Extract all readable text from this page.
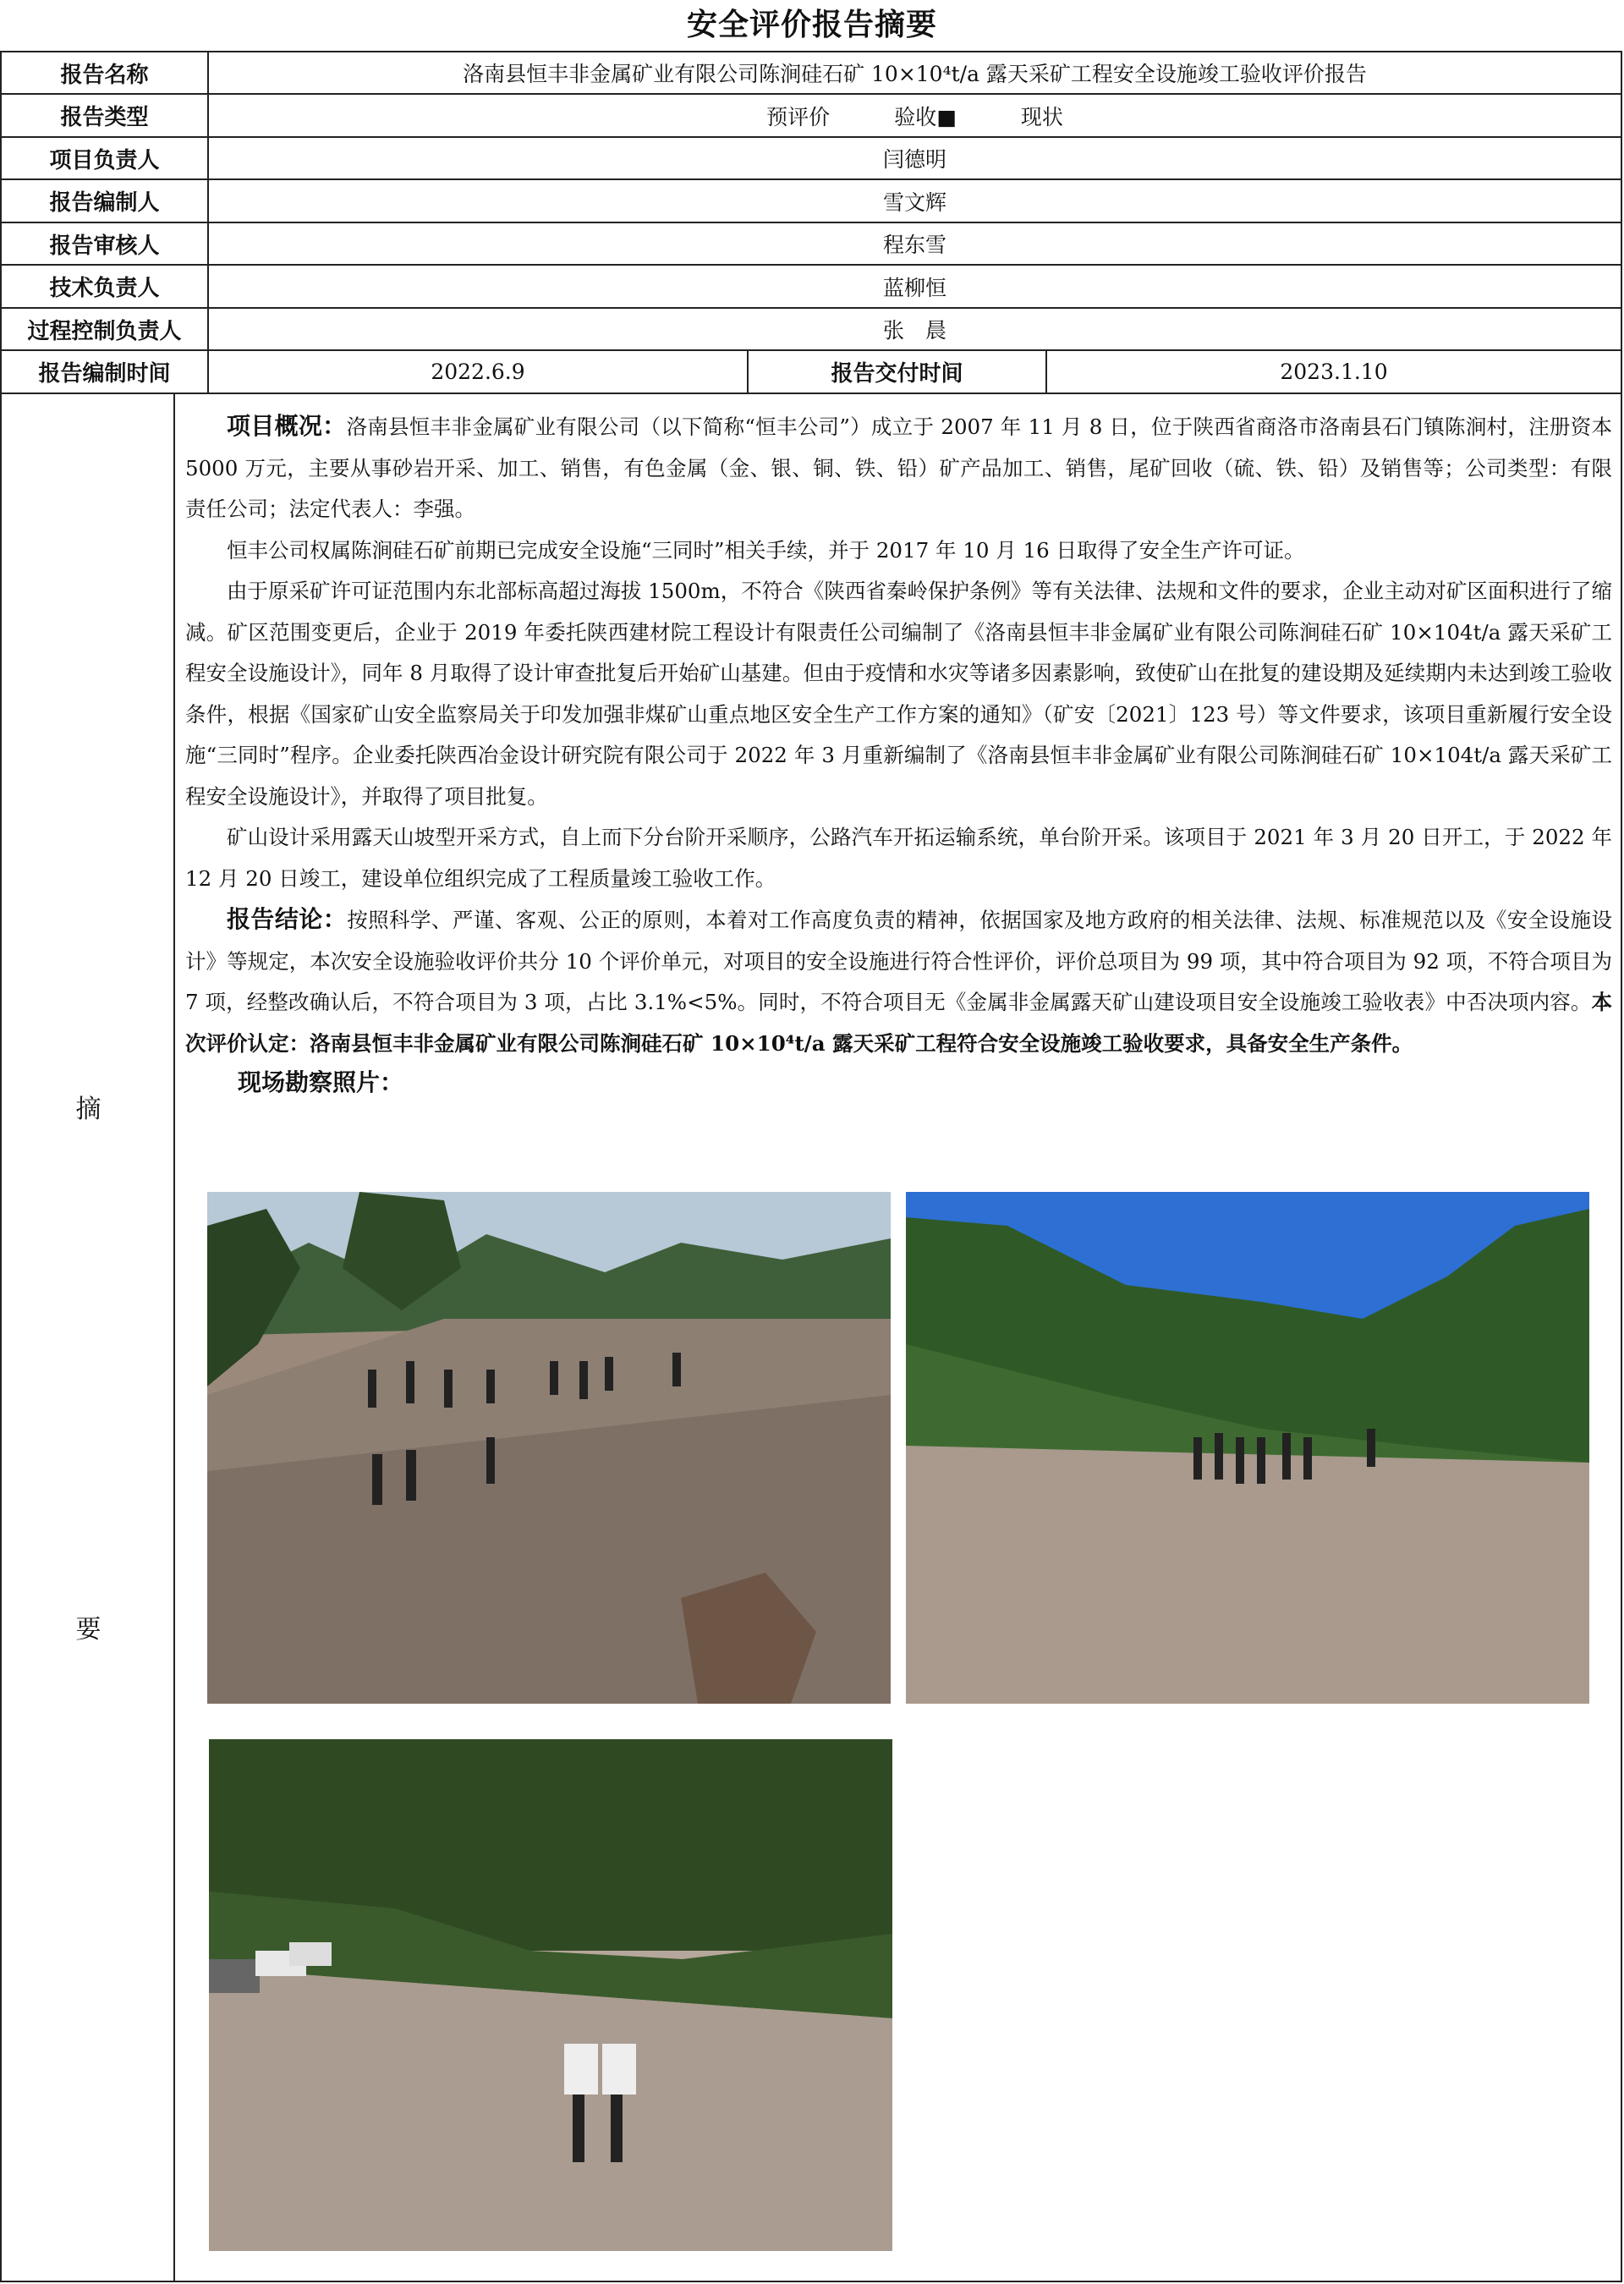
安全评价报告摘要
报告名称	洛南县恒丰非金属矿业有限公司陈涧硅石矿 10×10⁴t/a 露天采矿工程安全设施竣工验收评价报告
报告类型	预评价	验收■	现状
项目负责人	闫德明
报告编制人	雪文辉
报告审核人	程东雪
技术负责人	蓝柳恒
过程控制负责人	张　晨
报告编制时间	2022.6.9	报告交付时间	2023.1.10
摘
要

项目概况：洛南县恒丰非金属矿业有限公司（以下简称“恒丰公司”）成立于 2007 年 11 月 8 日，位于陕西省商洛市洛南县石门镇陈涧村，注册资本 5000 万元，主要从事砂岩开采、加工、销售，有色金属（金、银、铜、铁、铅）矿产品加工、销售，尾矿回收（硫、铁、铅）及销售等；公司类型：有限责任公司；法定代表人：李强。

恒丰公司权属陈涧硅石矿前期已完成安全设施“三同时”相关手续，并于 2017 年 10 月 16 日取得了安全生产许可证。

由于原采矿许可证范围内东北部标高超过海拔 1500m，不符合《陕西省秦岭保护条例》等有关法律、法规和文件的要求，企业主动对矿区面积进行了缩减。矿区范围变更后，企业于 2019 年委托陕西建材院工程设计有限责任公司编制了《洛南县恒丰非金属矿业有限公司陈涧硅石矿 10×104t/a 露天采矿工程安全设施设计》，同年 8 月取得了设计审查批复后开始矿山基建。但由于疫情和水灾等诸多因素影响，致使矿山在批复的建设期及延续期内未达到竣工验收条件，根据《国家矿山安全监察局关于印发加强非煤矿山重点地区安全生产工作方案的通知》（矿安〔2021〕123 号）等文件要求，该项目重新履行安全设施“三同时”程序。企业委托陕西冶金设计研究院有限公司于 2022 年 3 月重新编制了《洛南县恒丰非金属矿业有限公司陈涧硅石矿 10×104t/a 露天采矿工程安全设施设计》，并取得了项目批复。

矿山设计采用露天山坡型开采方式，自上而下分台阶开采顺序，公路汽车开拓运输系统，单台阶开采。该项目于 2021 年 3 月 20 日开工，于 2022 年 12 月 20 日竣工，建设单位组织完成了工程质量竣工验收工作。

报告结论：按照科学、严谨、客观、公正的原则，本着对工作高度负责的精神，依据国家及地方政府的相关法律、法规、标准规范以及《安全设施设计》等规定，本次安全设施验收评价共分 10 个评价单元，对项目的安全设施进行符合性评价，评价总项目为 99 项，其中符合项目为 92 项，不符合项目为 7 项，经整改确认后，不符合项目为 3 项，占比 3.1%<5%。同时，不符合项目无《金属非金属露天矿山建设项目安全设施竣工验收表》中否决项内容。本次评价认定：洛南县恒丰非金属矿业有限公司陈涧硅石矿 10×10⁴t/a 露天采矿工程符合安全设施竣工验收要求，具备安全生产条件。

现场勘察照片：
